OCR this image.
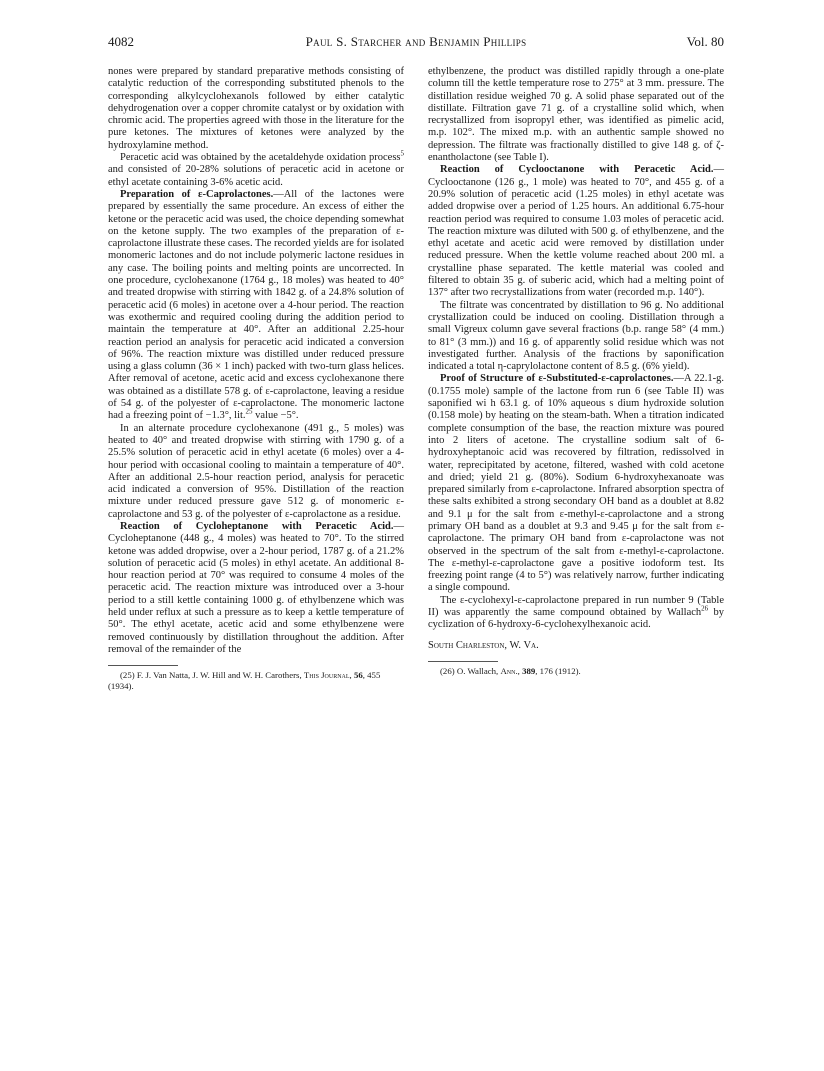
4082	Paul S. Starcher and Benjamin Phillips	Vol. 80

nones were prepared by standard preparative methods consisting of catalytic reduction of the corresponding substituted phenols to the corresponding alkylcyclohexanols followed by either catalytic dehydrogenation over a copper chromite catalyst or by oxidation with chromic acid. The properties agreed with those in the literature for the pure ketones. The mixtures of ketones were analyzed by the hydroxylamine method.

Peracetic acid was obtained by the acetaldehyde oxidation process$^5$ and consisted of 20-28% solutions of peracetic acid in acetone or ethyl acetate containing 3-6% acetic acid.

Preparation of ε-Caprolactones.—All of the lactones were prepared by essentially the same procedure. An excess of either the ketone or the peracetic acid was used, the choice depending somewhat on the ketone supply. The two examples of the preparation of ε-caprolactone illustrate these cases. The recorded yields are for isolated monomeric lactones and do not include polymeric lactone residues in any case. The boiling points and melting points are uncorrected. In one procedure, cyclohexanone (1764 g., 18 moles) was heated to 40° and treated dropwise with stirring with 1842 g. of a 24.8% solution of peracetic acid (6 moles) in acetone over a 4-hour period. The reaction was exothermic and required cooling during the addition period to maintain the temperature at 40°. After an additional 2.25-hour reaction period an analysis for peracetic acid indicated a conversion of 96%. The reaction mixture was distilled under reduced pressure using a glass column (36 × 1 inch) packed with two-turn glass helices. After removal of acetone, acetic acid and excess cyclohexanone there was obtained as a distillate 578 g. of ε-caprolactone, leaving a residue of 54 g. of the polyester of ε-caprolactone. The monomeric lactone had a freezing point of −1.3°, lit.$^{25}$ value −5°.

In an alternate procedure cyclohexanone (491 g., 5 moles) was heated to 40° and treated dropwise with stirring with 1790 g. of a 25.5% solution of peracetic acid in ethyl acetate (6 moles) over a 4-hour period with occasional cooling to maintain a temperature of 40°. After an additional 2.5-hour reaction period, analysis for peracetic acid indicated a conversion of 95%. Distillation of the reaction mixture under reduced pressure gave 512 g. of monomeric ε-caprolactone and 53 g. of the polyester of ε-caprolactone as a residue.

Reaction of Cycloheptanone with Peracetic Acid.—Cycloheptanone (448 g., 4 moles) was heated to 70°. To the stirred ketone was added dropwise, over a 2-hour period, 1787 g. of a 21.2% solution of peracetic acid (5 moles) in ethyl acetate. An additional 8-hour reaction period at 70° was required to consume 4 moles of the peracetic acid. The reaction mixture was introduced over a 3-hour period to a still kettle containing 1000 g. of ethylbenzene which was held under reflux at such a pressure as to keep a kettle temperature of 50°. The ethyl acetate, acetic acid and some ethylbenzene were removed continuously by distillation throughout the addition. After removal of the remainder of the

(25) F. J. Van Natta, J. W. Hill and W. H. Carothers, This Journal, 56, 455 (1934).

ethylbenzene, the product was distilled rapidly through a one-plate column till the kettle temperature rose to 275° at 3 mm. pressure. The distillation residue weighed 70 g. A solid phase separated out of the distillate. Filtration gave 71 g. of a crystalline solid which, when recrystallized from isopropyl ether, was identified as pimelic acid, m.p. 102°. The mixed m.p. with an authentic sample showed no depression. The filtrate was fractionally distilled to give 148 g. of ζ-enantholactone (see Table I).

Reaction of Cyclooctanone with Peracetic Acid.—Cyclooctanone (126 g., 1 mole) was heated to 70°, and 455 g. of a 20.9% solution of peracetic acid (1.25 moles) in ethyl acetate was added dropwise over a period of 1.25 hours. An additional 6.75-hour reaction period was required to consume 1.03 moles of peracetic acid. The reaction mixture was diluted with 500 g. of ethylbenzene, and the ethyl acetate and acetic acid were removed by distillation under reduced pressure. When the kettle volume reached about 200 ml. a crystalline phase separated. The kettle material was cooled and filtered to obtain 35 g. of suberic acid, which had a melting point of 137° after two recrystallizations from water (recorded m.p. 140°).

The filtrate was concentrated by distillation to 96 g. No additional crystallization could be induced on cooling. Distillation through a small Vigreux column gave several fractions (b.p. range 58° (4 mm.) to 81° (3 mm.)) and 16 g. of apparently solid residue which was not investigated further. Analysis of the fractions by saponification indicated a total η-caprylolactone content of 8.5 g. (6% yield).

Proof of Structure of ε-Substituted-ε-caprolactones.—A 22.1-g. (0.1755 mole) sample of the lactone from run 6 (see Table II) was saponified wi h 63.1 g. of 10% aqueous s dium hydroxide solution (0.158 mole) by heating on the steam-bath. When a titration indicated complete consumption of the base, the reaction mixture was poured into 2 liters of acetone. The crystalline sodium salt of 6-hydroxyheptanoic acid was recovered by filtration, redissolved in water, reprecipitated by acetone, filtered, washed with cold acetone and dried; yield 21 g. (80%). Sodium 6-hydroxyhexanoate was prepared similarly from ε-caprolactone. Infrared absorption spectra of these salts exhibited a strong secondary OH band as a doublet at 8.82 and 9.1 μ for the salt from ε-methyl-ε-caprolactone and a strong primary OH band as a doublet at 9.3 and 9.45 μ for the salt from ε-caprolactone. The primary OH band from ε-caprolactone was not observed in the spectrum of the salt from ε-methyl-ε-caprolactone. The ε-methyl-ε-caprolactone gave a positive iodoform test. Its freezing point range (4 to 5°) was relatively narrow, further indicating a single compound.

The ε-cyclohexyl-ε-caprolactone prepared in run number 9 (Table II) was apparently the same compound obtained by Wallach$^{26}$ by cyclization of 6-hydroxy-6-cyclohexylhexanoic acid.

South Charleston, W. Va.

(26) O. Wallach, Ann., 389, 176 (1912).
